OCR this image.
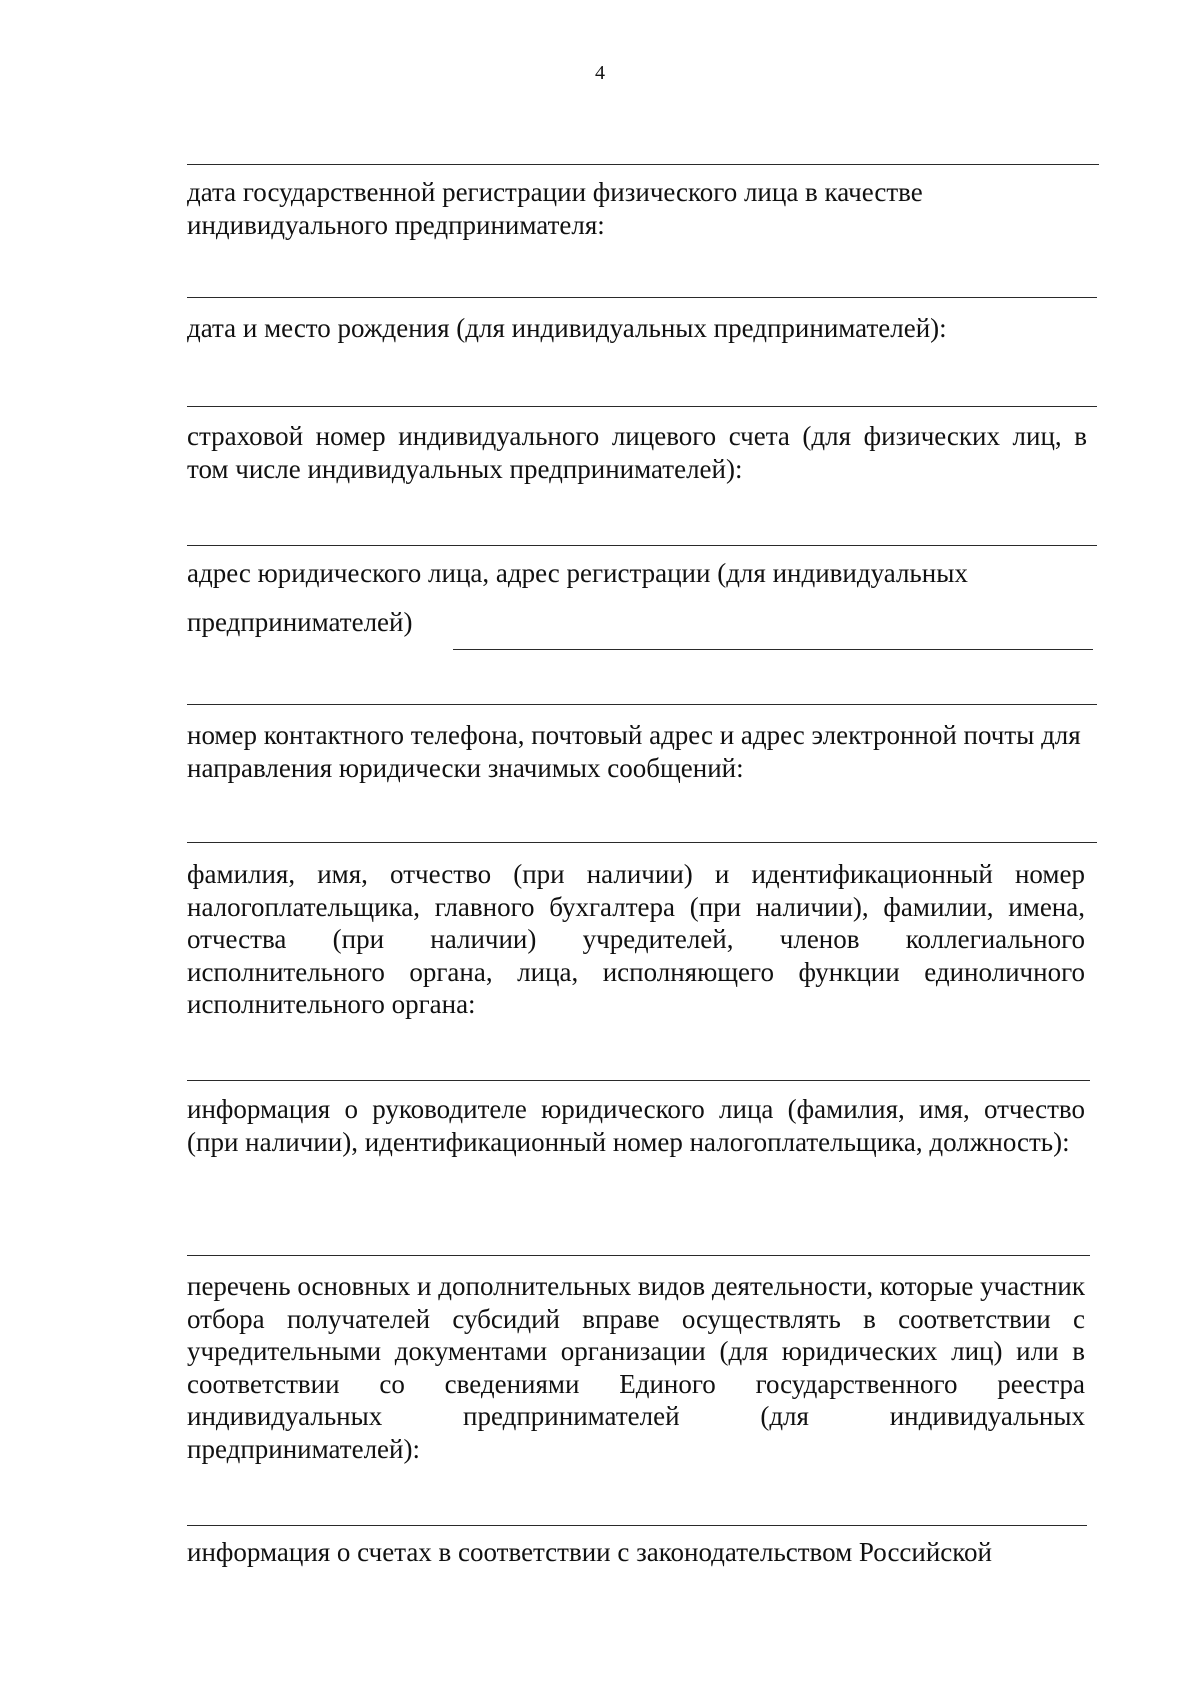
4

дата государственной регистрации физического лица в качестве индивидуального предпринимателя:

дата и место рождения (для индивидуальных предпринимателей):

страховой номер индивидуального лицевого счета (для физических лиц, в том числе индивидуальных предпринимателей):

адрес юридического лица, адрес регистрации (для индивидуальных

предпринимателей)

номер контактного телефона, почтовый адрес и адрес электронной почты для направления юридически значимых сообщений:

фамилия, имя, отчество (при наличии) и идентификационный номер налогоплательщика, главного бухгалтера (при наличии), фамилии, имена, отчества (при наличии) учредителей, членов коллегиального исполнительного органа, лица, исполняющего функции единоличного исполнительного органа:

информация о руководителе юридического лица (фамилия, имя, отчество (при наличии), идентификационный номер налогоплательщика, должность):

перечень основных и дополнительных видов деятельности, которые участник отбора получателей субсидий вправе осуществлять в соответствии с учредительными документами организации (для юридических лиц) или в соответствии со сведениями Единого государственного реестра индивидуальных предпринимателей (для индивидуальных предпринимателей):

информация о счетах в соответствии с законодательством Российской
